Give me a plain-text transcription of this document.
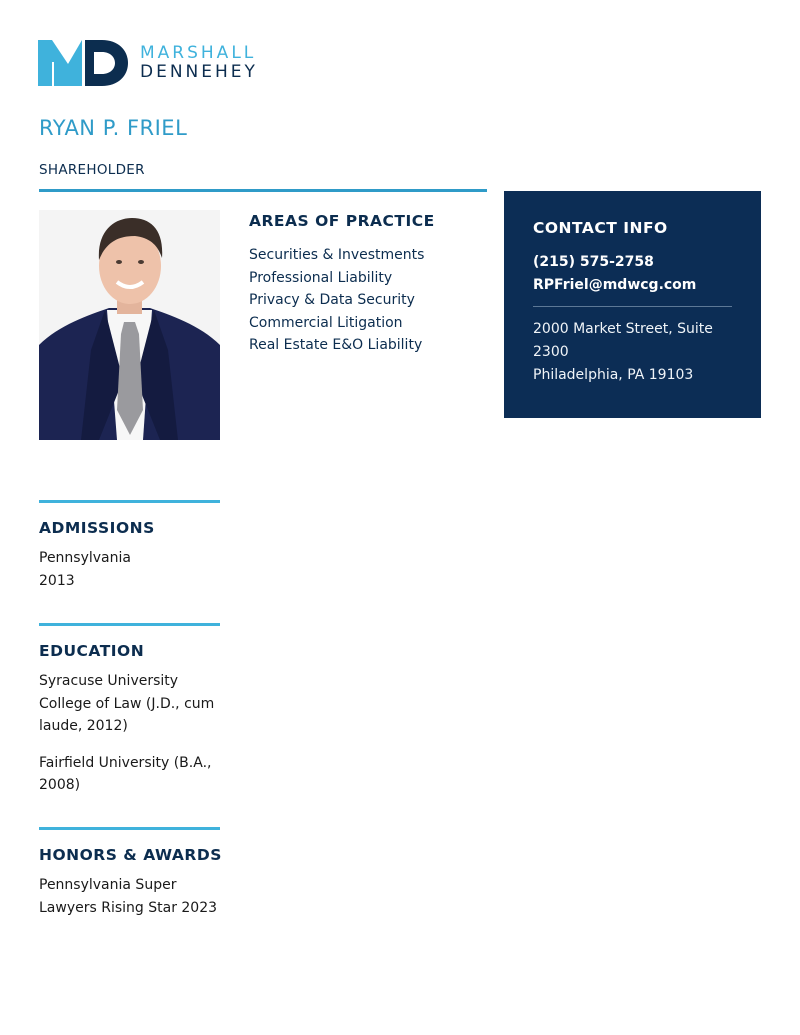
MARSHALL
DENNEHEY
RYAN P. FRIEL
SHAREHOLDER
AREAS OF PRACTICE
Securities & Investments
Professional Liability
Privacy & Data Security
Commercial Litigation
Real Estate E&O Liability
CONTACT INFO
(215) 575-2758
RPFriel@mdwcg.com
2000 Market Street, Suite 2300
Philadelphia, PA 19103
ADMISSIONS

Pennsylvania
2013

EDUCATION

Syracuse University College of Law (J.D., cum laude, 2012)

Fairfield University (B.A., 2008)

HONORS & AWARDS

Pennsylvania Super Lawyers Rising Star 2023
